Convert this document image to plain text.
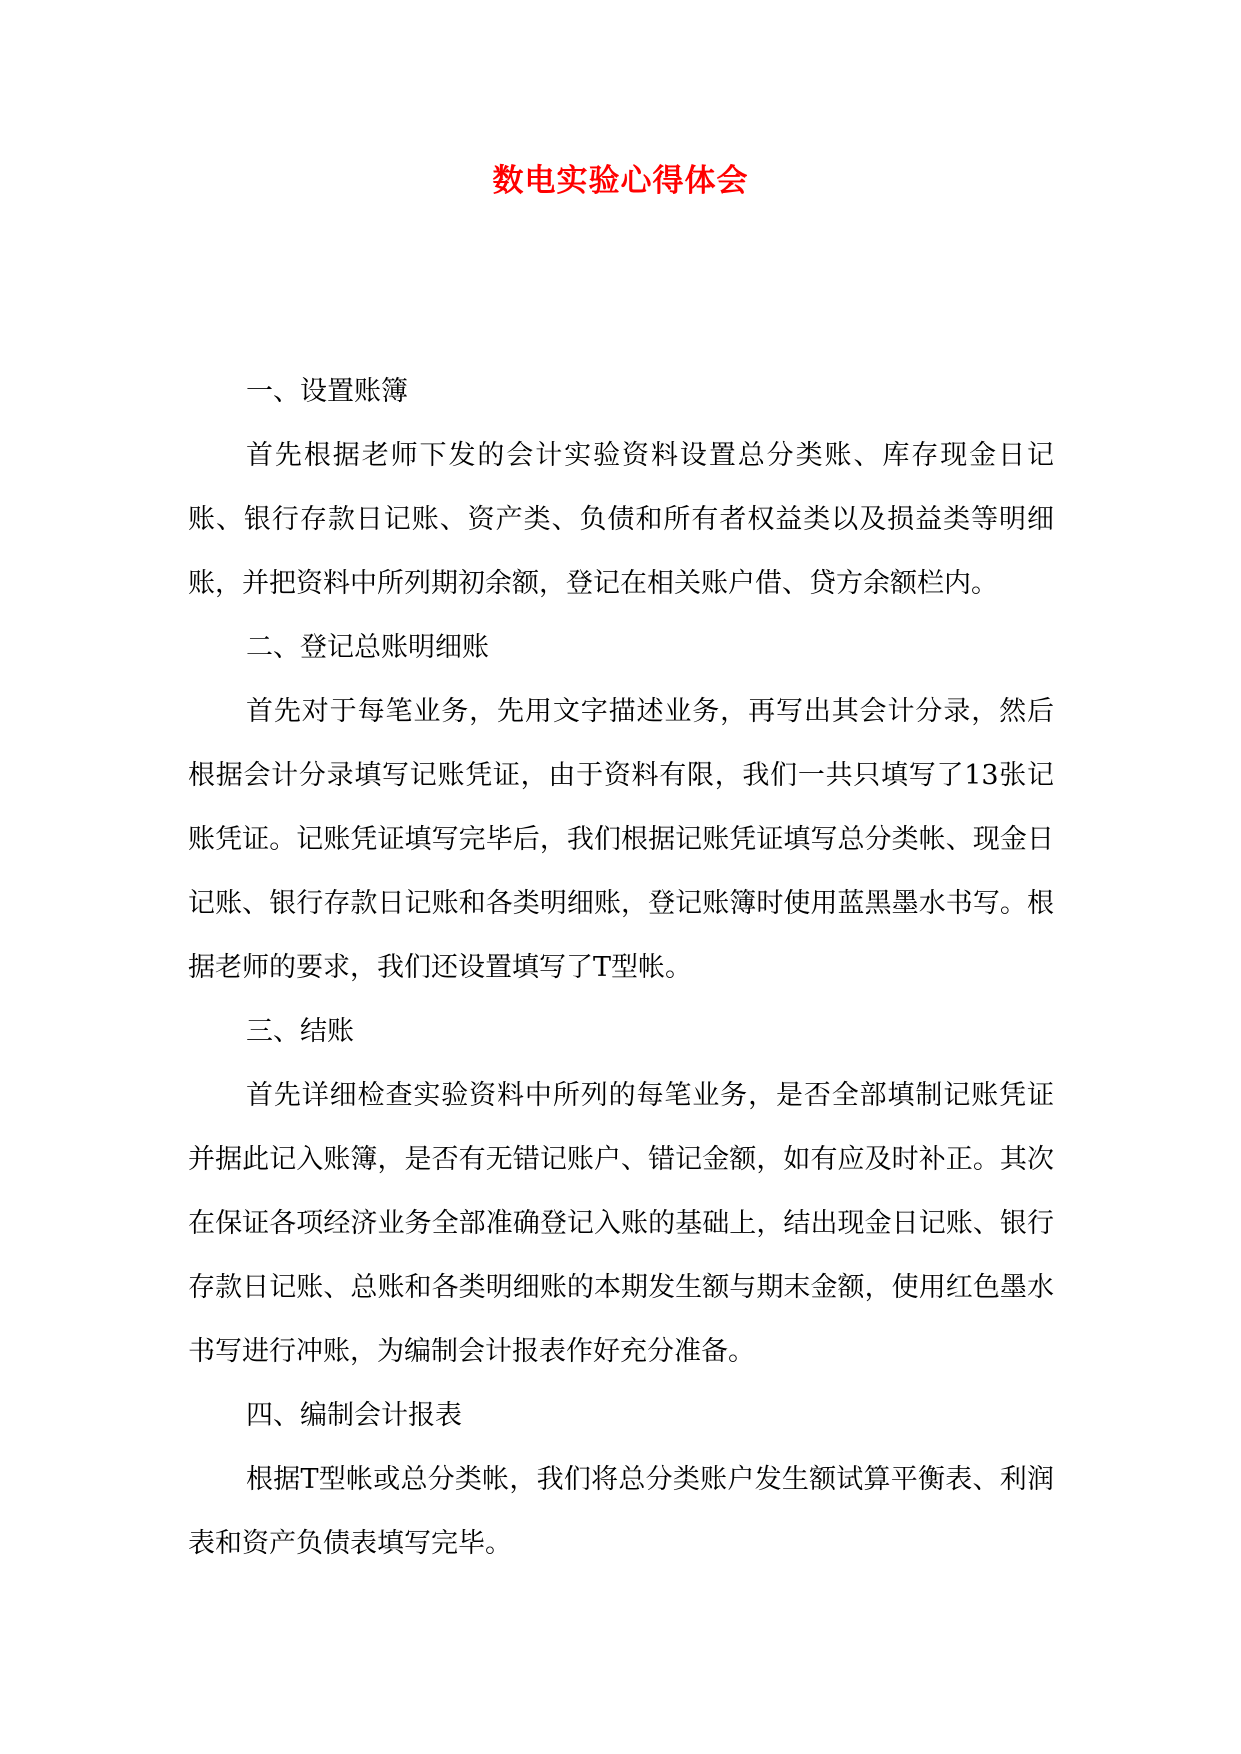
数电实验心得体会

一、设置账簿

首先根据老师下发的会计实验资料设置总分类账、库存现金日记账、银行存款日记账、资产类、负债和所有者权益类以及损益类等明细账，并把资料中所列期初余额，登记在相关账户借、贷方余额栏内。

二、登记总账明细账

首先对于每笔业务，先用文字描述业务，再写出其会计分录，然后根据会计分录填写记账凭证，由于资料有限，我们一共只填写了13张记账凭证。记账凭证填写完毕后，我们根据记账凭证填写总分类帐、现金日记账、银行存款日记账和各类明细账，登记账簿时使用蓝黑墨水书写。根据老师的要求，我们还设置填写了T型帐。

三、结账

首先详细检查实验资料中所列的每笔业务，是否全部填制记账凭证并据此记入账簿，是否有无错记账户、错记金额，如有应及时补正。其次在保证各项经济业务全部准确登记入账的基础上，结出现金日记账、银行存款日记账、总账和各类明细账的本期发生额与期末金额，使用红色墨水书写进行冲账，为编制会计报表作好充分准备。

四、编制会计报表

根据T型帐或总分类帐，我们将总分类账户发生额试算平衡表、利润表和资产负债表填写完毕。
